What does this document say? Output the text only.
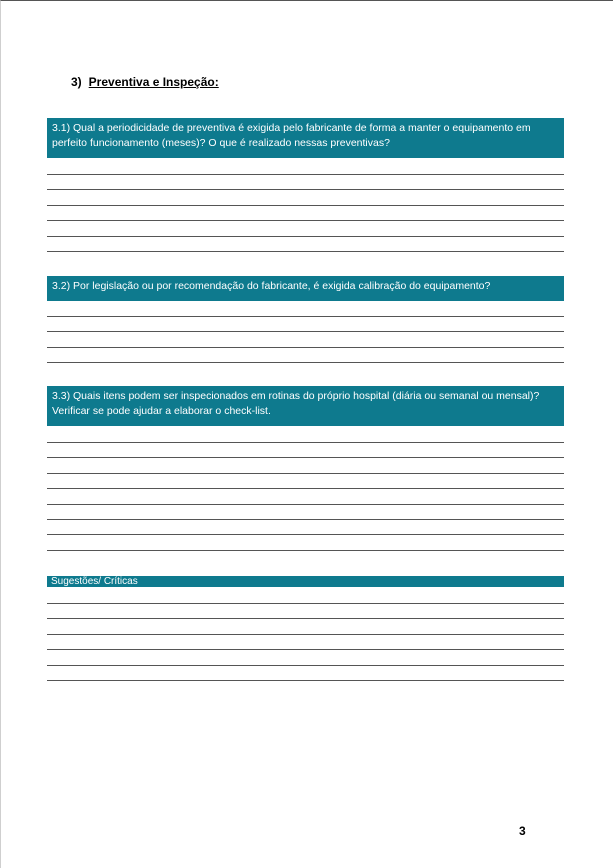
3) Preventiva e Inspeção:
3.1) Qual a periodicidade de preventiva é exigida pelo fabricante de forma a manter o equipamento em perfeito funcionamento (meses)? O que é realizado nessas preventivas?
3.2) Por legislação ou por recomendação do fabricante, é exigida calibração do equipamento?
3.3) Quais itens podem ser inspecionados em rotinas do próprio hospital (diária ou semanal ou mensal)? Verificar se pode ajudar a elaborar o check-list.
Sugestões/ Críticas
3
